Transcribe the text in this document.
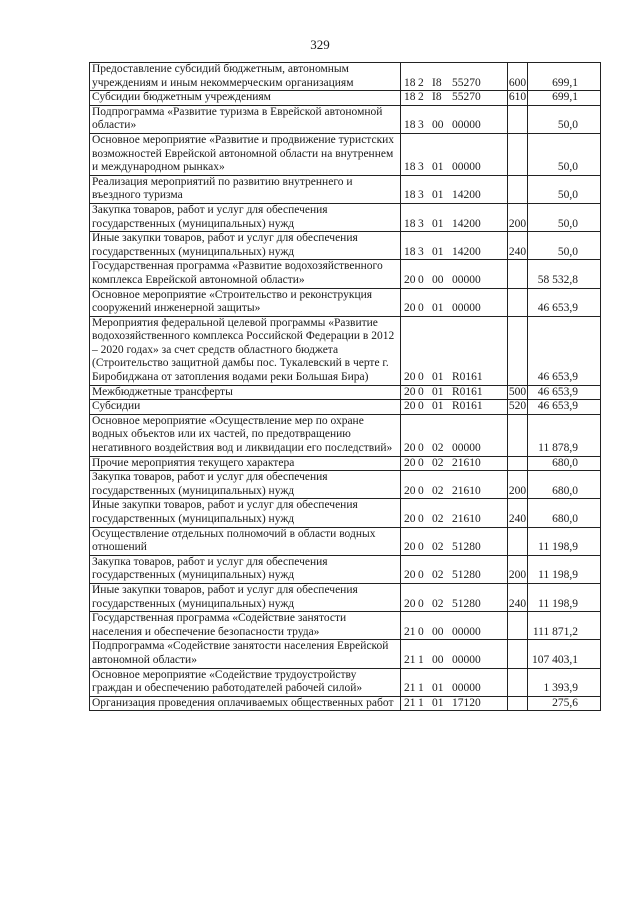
329
Предоставление субсидий бюджетным, автономным учреждениям и иным некоммерческим организациям	18 2 I8 55270	600	699,1
Субсидии бюджетным учреждениям	18 2 I8 55270	610	699,1
Подпрограмма «Развитие туризма в Еврейской автономной области»	18 3 00 00000		50,0
Основное мероприятие «Развитие и продвижение туристских возможностей Еврейской автономной области на внутреннем и международном рынках»	18 3 01 00000		50,0
Реализация мероприятий по развитию внутреннего и въездного туризма	18 3 01 14200		50,0
Закупка товаров, работ и услуг для обеспечения государственных (муниципальных) нужд	18 3 01 14200	200	50,0
Иные закупки товаров, работ и услуг для обеспечения государственных (муниципальных) нужд	18 3 01 14200	240	50,0
Государственная программа «Развитие водохозяйственного комплекса Еврейской автономной области»	20 0 00 00000		58 532,8
Основное мероприятие «Строительство и реконструкция сооружений инженерной защиты»	20 0 01 00000		46 653,9
Мероприятия федеральной целевой программы «Развитие водохозяйственного комплекса Российской Федерации в 2012 – 2020 годах» за счет средств областного бюджета (Строительство защитной дамбы пос. Тукалевский в черте г. Биробиджана от затопления водами реки Большая Бира)	20 0 01 R0161		46 653,9
Межбюджетные трансферты	20 0 01 R0161	500	46 653,9
Субсидии	20 0 01 R0161	520	46 653,9
Основное мероприятие «Осуществление мер по охране водных объектов или их частей, по предотвращению негативного воздействия вод и ликвидации его последствий»	20 0 02 00000		11 878,9
Прочие мероприятия текущего характера	20 0 02 21610		680,0
Закупка товаров, работ и услуг для обеспечения государственных (муниципальных) нужд	20 0 02 21610	200	680,0
Иные закупки товаров, работ и услуг для обеспечения государственных (муниципальных) нужд	20 0 02 21610	240	680,0
Осуществление отдельных полномочий в области водных отношений	20 0 02 51280		11 198,9
Закупка товаров, работ и услуг для обеспечения государственных (муниципальных) нужд	20 0 02 51280	200	11 198,9
Иные закупки товаров, работ и услуг для обеспечения государственных (муниципальных) нужд	20 0 02 51280	240	11 198,9
Государственная программа «Содействие занятости населения и обеспечение безопасности труда»	21 0 00 00000		111 871,2
Подпрограмма «Содействие занятости населения Еврейской автономной области»	21 1 00 00000		107 403,1
Основное мероприятие «Содействие трудоустройству граждан и обеспечению работодателей рабочей силой»	21 1 01 00000		1 393,9
Организация проведения оплачиваемых общественных работ	21 1 01 17120		275,6
